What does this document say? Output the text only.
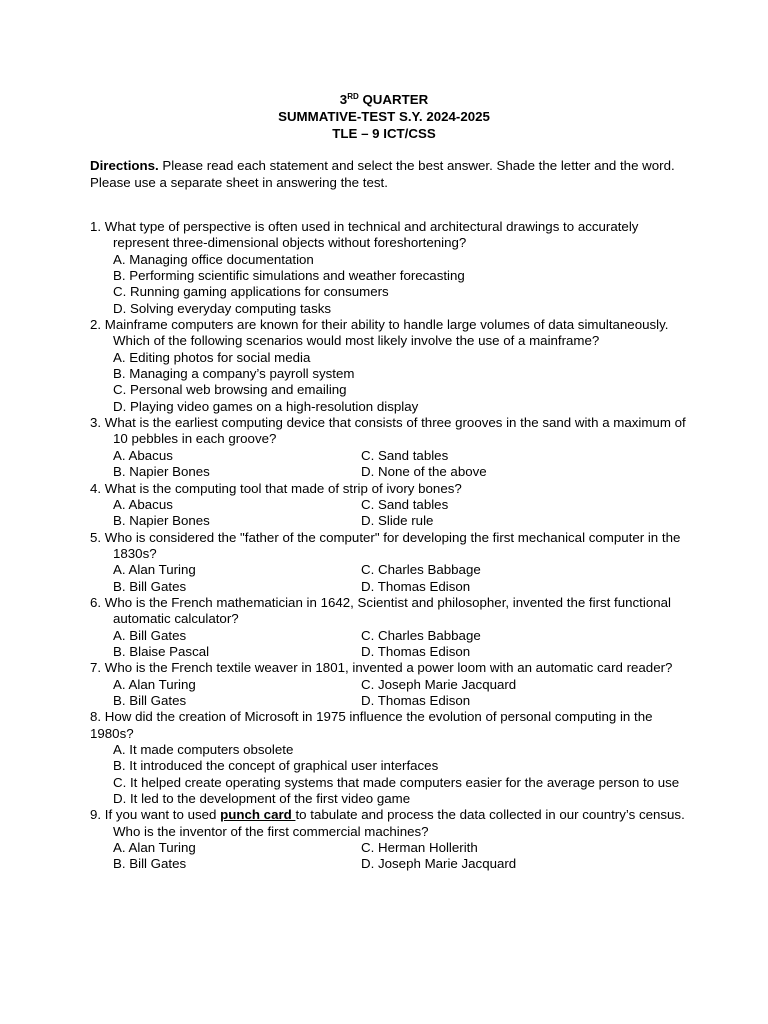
3RD QUARTER
SUMMATIVE-TEST S.Y. 2024-2025
TLE – 9 ICT/CSS
Directions. Please read each statement and select the best answer. Shade the letter and the word. Please use a separate sheet in answering the test.
1. What type of perspective is often used in technical and architectural drawings to accurately represent three-dimensional objects without foreshortening?
A. Managing office documentation
B. Performing scientific simulations and weather forecasting
C. Running gaming applications for consumers
D. Solving everyday computing tasks
2. Mainframe computers are known for their ability to handle large volumes of data simultaneously. Which of the following scenarios would most likely involve the use of a mainframe?
A. Editing photos for social media
B. Managing a company’s payroll system
C. Personal web browsing and emailing
D. Playing video games on a high-resolution display
3. What is the earliest computing device that consists of three grooves in the sand with a maximum of 10 pebbles in each groove?
A. Abacus	C. Sand tables
B. Napier Bones	D. None of the above
4. What is the computing tool that made of strip of ivory bones?
A. Abacus	C. Sand tables
B. Napier Bones	D. Slide rule
5. Who is considered the "father of the computer" for developing the first mechanical computer in the 1830s?
A. Alan Turing	C. Charles Babbage
B. Bill Gates	D. Thomas Edison
6. Who is the French mathematician in 1642, Scientist and philosopher, invented the first functional automatic calculator?
A. Bill Gates	C. Charles Babbage
B. Blaise Pascal	D. Thomas Edison
7. Who is the French textile weaver in 1801, invented a power loom with an automatic card reader?
A. Alan Turing	C. Joseph Marie Jacquard
B. Bill Gates	D. Thomas Edison
8. How did the creation of Microsoft in 1975 influence the evolution of personal computing in the 1980s?
A. It made computers obsolete
B. It introduced the concept of graphical user interfaces
C. It helped create operating systems that made computers easier for the average person to use
D. It led to the development of the first video game
9. If you want to used punch card to tabulate and process the data collected in our country’s census.     Who is the inventor of the first commercial machines?
A. Alan Turing	C. Herman Hollerith
B. Bill Gates	D. Joseph Marie Jacquard
